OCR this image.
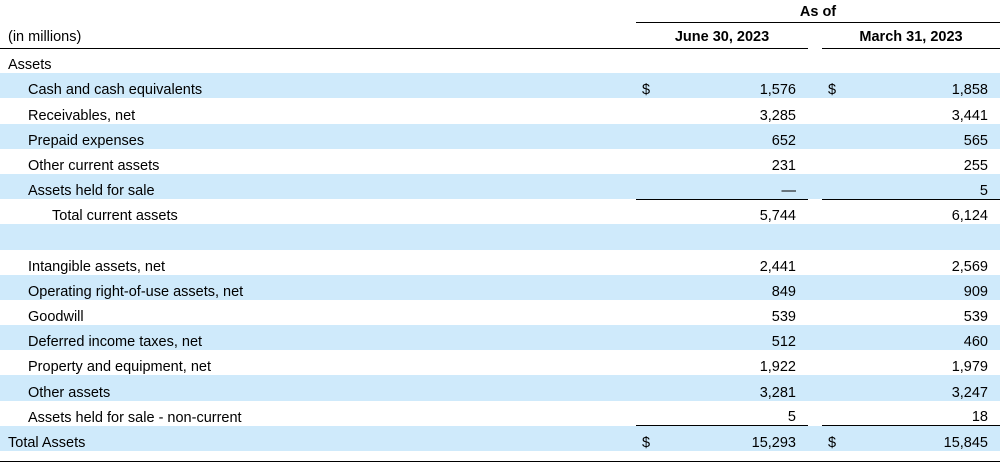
	As of				
(in millions)	June 30, 2023			March 31, 2023	
Assets					
Cash and cash equivalents	$	1,576		$	1,858
Receivables, net		3,285			3,441
Prepaid expenses		652			565
Other current assets		231			255
Assets held for sale		—			5
Total current assets		5,744			6,124

Intangible assets, net		2,441			2,569
Operating right-of-use assets, net		849			909
Goodwill		539			539
Deferred income taxes, net		512			460
Property and equipment, net		1,922			1,979
Other assets		3,281			3,247
Assets held for sale - non-current		5			18
Total Assets	$	15,293		$	15,845
